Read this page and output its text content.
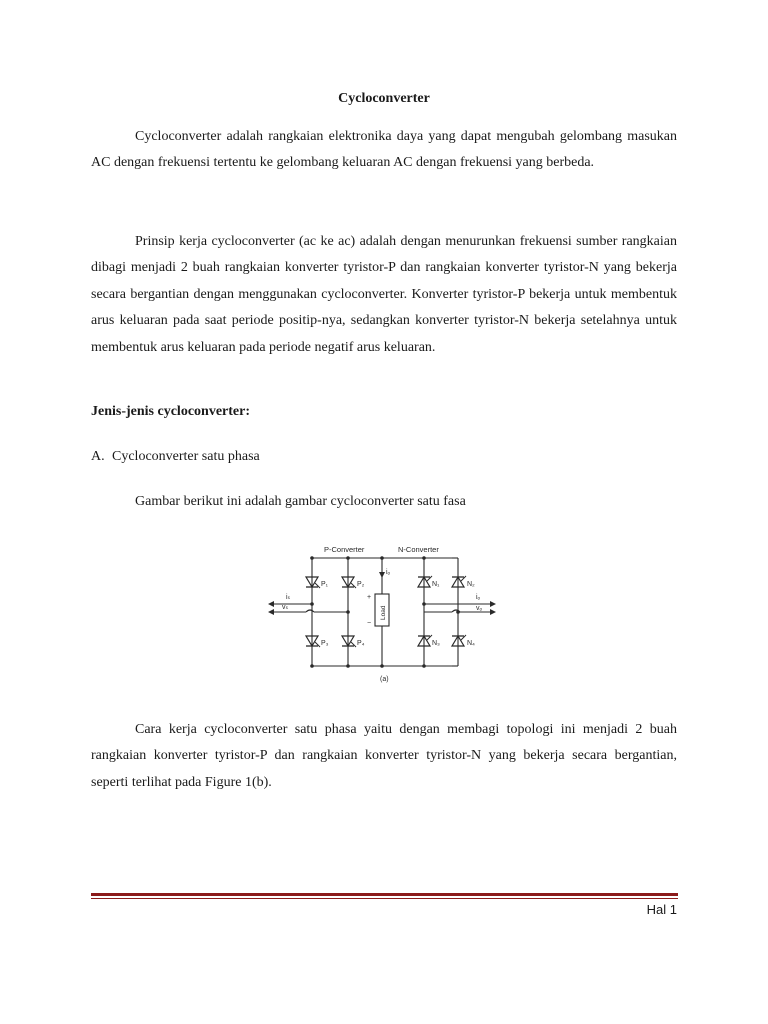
Cycloconverter

Cycloconverter adalah rangkaian elektronika daya yang dapat mengubah gelombang masukan AC dengan frekuensi tertentu ke gelombang keluaran AC dengan frekuensi yang berbeda.

Prinsip kerja cycloconverter (ac ke ac) adalah dengan menurunkan frekuensi sumber rangkaian dibagi menjadi 2 buah rangkaian konverter tyristor-P dan rangkaian konverter tyristor-N yang bekerja secara bergantian dengan menggunakan cycloconverter. Konverter tyristor-P bekerja untuk membentuk arus keluaran pada saat periode positip-nya, sedangkan konverter tyristor-N bekerja setelahnya untuk membentuk arus keluaran pada periode negatif arus keluaran.

Jenis-jenis cycloconverter:
A. Cycloconverter satu phasa
Gambar berikut ini adalah gambar cycloconverter satu fasa
P-Converter	N-Converter
P₁	P₂
P₃	P₄
N₁	N₂
N₃	N₄
iₛ
vₛ
iₒ
iₒ
vₒ
+
−
Load
(a)

Cara kerja cycloconverter satu phasa yaitu dengan membagi topologi ini menjadi 2 buah rangkaian konverter tyristor-P dan rangkaian konverter tyristor-N yang bekerja secara bergantian, seperti terlihat pada Figure 1(b).

Hal 1
